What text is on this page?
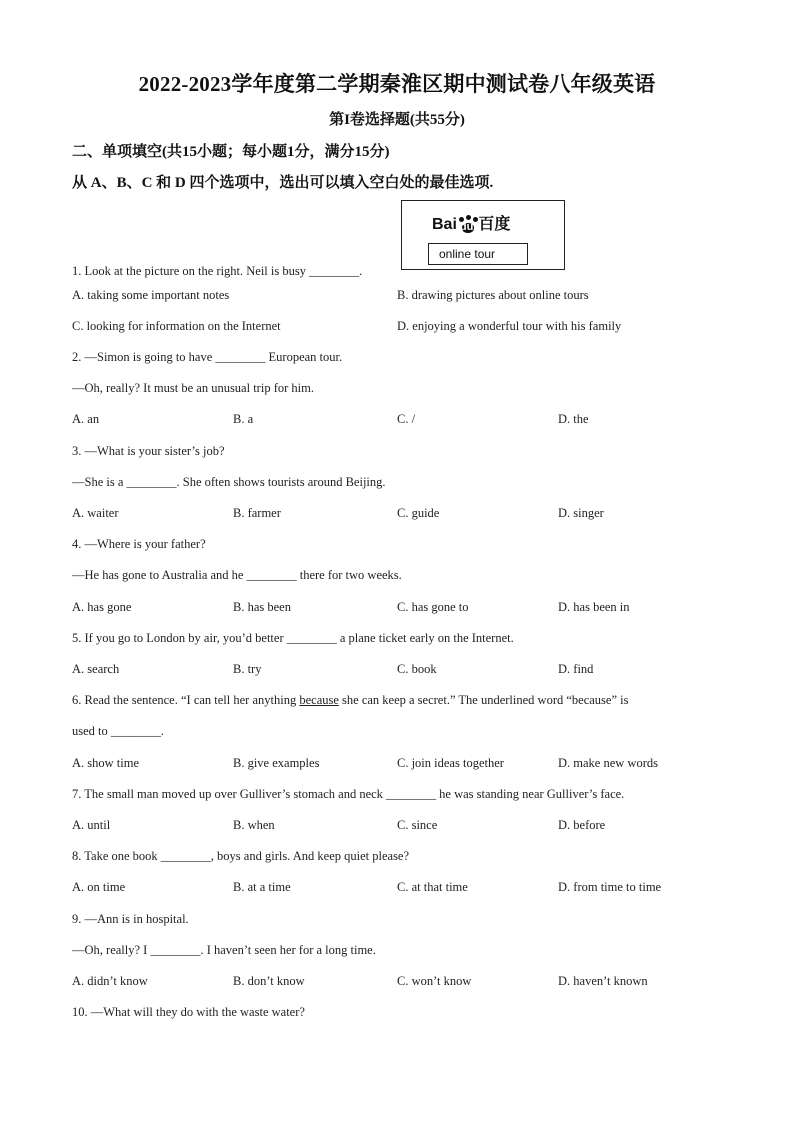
2022-2023学年度第二学期秦淮区期中测试卷八年级英语
第I卷选择题(共55分)
二、单项填空(共15小题；每小题1分，满分15分)
从 A、B、C 和 D 四个选项中，选出可以填入空白处的最佳选项.
Bai du 百度
online tour
1. Look at the picture on the right. Neil is busy ________.
A. taking some important notes	B. drawing pictures about online tours
C. looking for information on the Internet	D. enjoying a wonderful tour with his family
2. —Simon is going to have ________ European tour.
—Oh, really? It must be an unusual trip for him.
A. an	B. a	C. /	D. the
3. —What is your sister’s job?
—She is a ________. She often shows tourists around Beijing.
A. waiter	B. farmer	C. guide	D. singer
4. —Where is your father?
—He has gone to Australia and he ________ there for two weeks.
A. has gone	B. has been	C. has gone to	D. has been in
5. If you go to London by air, you’d better ________ a plane ticket early on the Internet.
A. search	B. try	C. book	D. find
6. Read the sentence. “I can tell her anything because she can keep a secret.” The underlined word “because” is
used to ________.
A. show time	B. give examples	C. join ideas together	D. make new words
7. The small man moved up over Gulliver’s stomach and neck ________ he was standing near Gulliver’s face.
A. until	B. when	C. since	D. before
8. Take one book ________, boys and girls. And keep quiet please?
A. on time	B. at a time	C. at that time	D. from time to time
9. —Ann is in hospital.
—Oh, really? I ________. I haven’t seen her for a long time.
A. didn’t know	B. don’t know	C. won’t know	D. haven’t known
10. —What will they do with the waste water?
